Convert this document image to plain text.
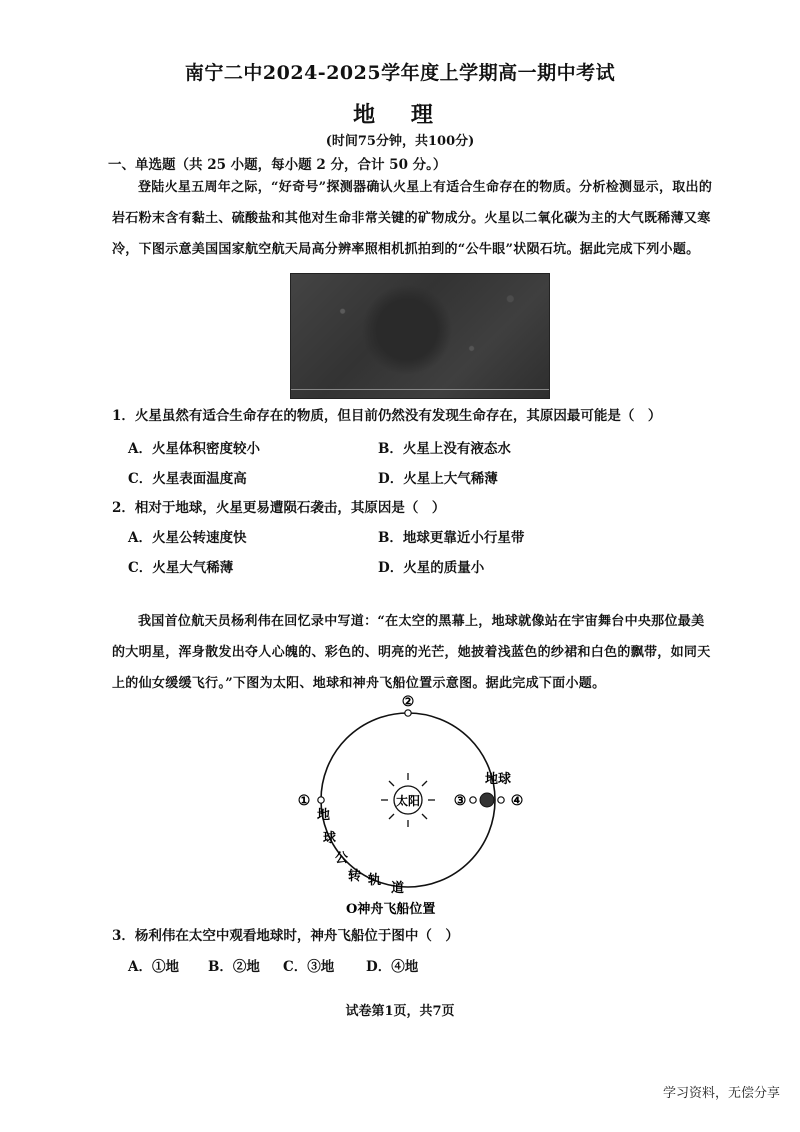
南宁二中2024-2025学年度上学期高一期中考试
地 理
(时间75分钟，共100分)
一、单选题（共 25 小题，每小题 2 分，合计 50 分。）
登陆火星五周年之际，“好奇号”探测器确认火星上有适合生命存在的物质。分析检测显示，取出的岩石粉末含有黏土、硫酸盐和其他对生命非常关键的矿物成分。火星以二氧化碳为主的大气既稀薄又寒冷，下图示意美国国家航空航天局高分辨率照相机抓拍到的“公牛眼”状陨石坑。据此完成下列小题。
1．火星虽然有适合生命存在的物质，但目前仍然没有发现生命存在，其原因最可能是（　）
A．火星体积密度较小	B．火星上没有液态水
C．火星表面温度高	D．火星上大气稀薄
2．相对于地球，火星更易遭陨石袭击，其原因是（　）
A．火星公转速度快	B．地球更靠近小行星带
C．火星大气稀薄	D．火星的质量小
我国首位航天员杨利伟在回忆录中写道：“在太空的黑幕上，地球就像站在宇宙舞台中央那位最美的大明星，浑身散发出夺人心魄的、彩色的、明亮的光芒，她披着浅蓝色的纱裙和白色的飘带，如同天上的仙女缓缓飞行。”下图为太阳、地球和神舟飞船位置示意图。据此完成下面小题。
太阳
地球
②
①	③	④
地
球
公
转 轨
道
O神舟飞船位置
3．杨利伟在太空中观看地球时，神舟飞船位于图中（　）
A．①地 B．②地 C．③地 D．④地
试卷第1页，共7页
学习资料，无偿分享
